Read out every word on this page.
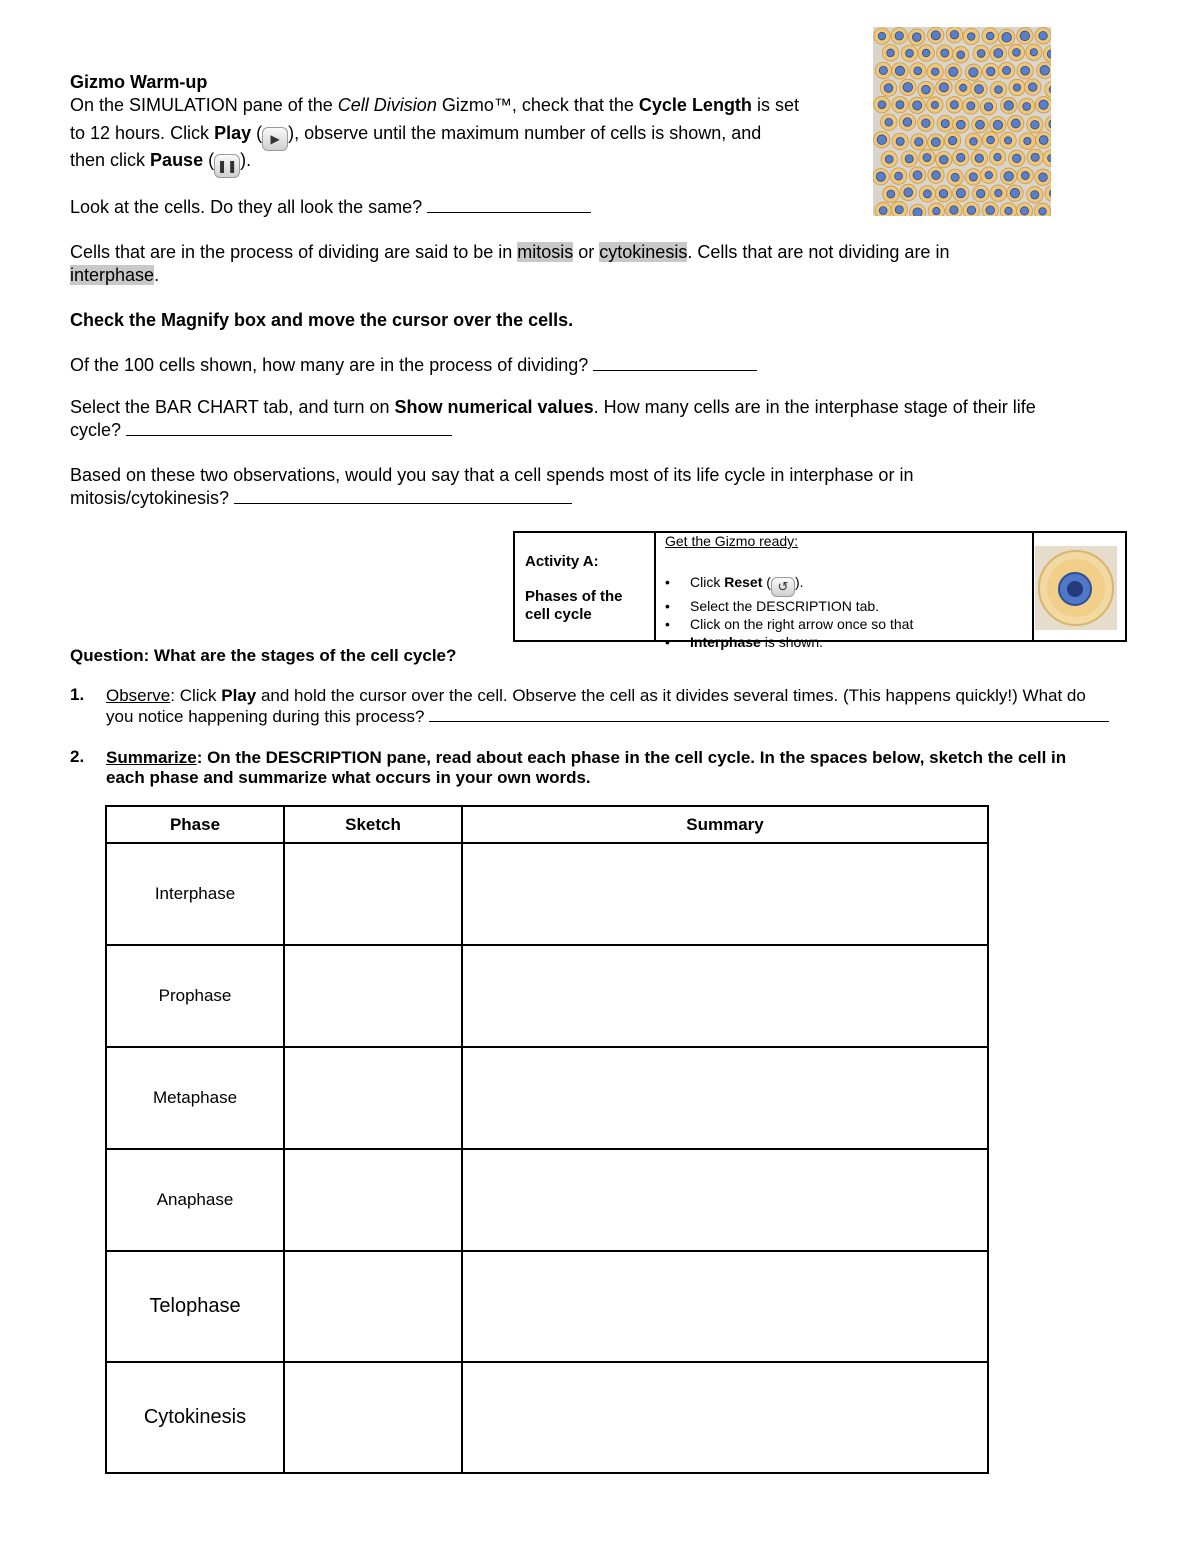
Gizmo Warm-up
On the SIMULATION pane of the Cell Division Gizmo™, check that the Cycle Length is set
to 12 hours. Click Play ( ▶ ), observe until the maximum number of cells is shown, and
then click Pause ( ❚❚ ).
Look at the cells. Do they all look the same?
Cells that are in the process of dividing are said to be in mitosis or cytokinesis. Cells that are not dividing are in
interphase.
Check the Magnify box and move the cursor over the cells.
Of the 100 cells shown, how many are in the process of dividing?
Select the BAR CHART tab, and turn on Show numerical values. How many cells are in the interphase stage of their life
cycle?
Based on these two observations, would you say that a cell spends most of its life cycle in interphase or in
mitosis/cytokinesis?
Activity A:
Phases of the cell cycle
Get the Gizmo ready:
• Click Reset ( ↺ ).
• Select the DESCRIPTION tab.
• Click on the right arrow once so that
• Interphase is shown.
Question: What are the stages of the cell cycle?
1. Observe: Click Play and hold the cursor over the cell. Observe the cell as it divides several times. (This happens quickly!) What do
you notice happening during this process?
2. Summarize: On the DESCRIPTION pane, read about each phase in the cell cycle. In the spaces below, sketch the cell in
each phase and summarize what occurs in your own words.
Phase	Sketch	Summary
Interphase		
Prophase		
Metaphase		
Anaphase		
Telophase		
Cytokinesis		
